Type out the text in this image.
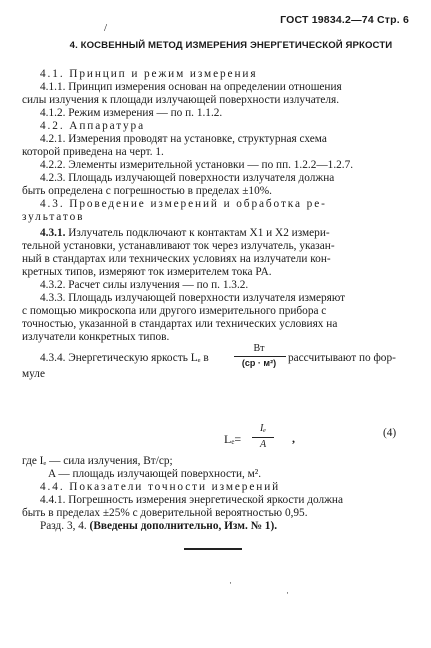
/
ГОСТ 19834.2—74 Стр. 6
4. КОСВЕННЫЙ МЕТОД ИЗМЕРЕНИЯ ЭНЕРГЕТИЧЕСКОЙ ЯРКОСТИ
4.1. Принцип и режим измерения
4.1.1. Принцип измерения основан на определении отношения
силы излучения к площади излучающей поверхности излучателя.
4.1.2. Режим измерения — по п. 1.1.2.
4.2. Аппаратура
4.2.1. Измерения проводят на установке, структурная схема
которой приведена на черт. 1.
4.2.2. Элементы измерительной установки — по пп. 1.2.2—1.2.7.
4.2.3. Площадь излучающей поверхности излучателя должна
быть определена с погрешностью в пределах ±10%.
4.3. Проведение измерений и обработка ре-
зультатов
4.3.1. Излучатель подключают к контактам X1 и X2 измери-
тельной установки, устанавливают ток через излучатель, указан-
ный в стандартах или технических условиях на излучатели кон-
кретных типов, измеряют ток измерителем тока PA.
4.3.2. Расчет силы излучения — по п. 1.3.2.
4.3.3. Площадь излучающей поверхности излучателя измеряют
с помощью микроскопа или другого измерительного прибора с
точностью, указанной в стандартах или технических условиях на
излучатели конкретных типов.
4.3.4. Энергетическую яркость Lₑ в
Вт
(ср · м²)	рассчитывают по фор-
муле
Lₑ=
Iₑ
A	,	(4)
где Iₑ — сила излучения, Вт/ср;
A — площадь излучающей поверхности, м².
4.4. Показатели точности измерений
4.4.1. Погрешность измерения энергетической яркости должна
быть в пределах ±25% с доверительной вероятностью 0,95.
Разд. 3, 4. (Введены дополнительно, Изм. № 1).
·
·
